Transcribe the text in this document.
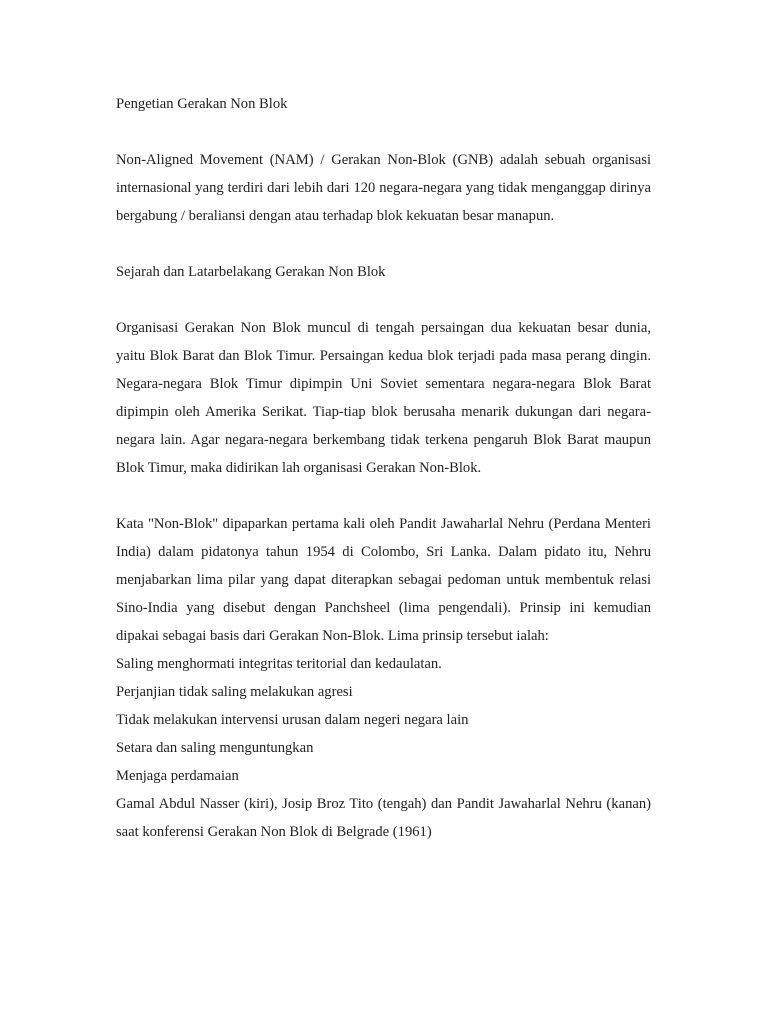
Pengetian Gerakan Non Blok

Non-Aligned Movement (NAM) / Gerakan Non-Blok (GNB) adalah sebuah organisasi internasional yang terdiri dari lebih dari 120 negara-negara yang tidak menganggap dirinya bergabung / beraliansi dengan atau terhadap blok kekuatan besar manapun.

Sejarah dan Latarbelakang Gerakan Non Blok

Organisasi Gerakan Non Blok muncul di tengah persaingan dua kekuatan besar dunia, yaitu Blok Barat dan Blok Timur. Persaingan kedua blok terjadi pada masa perang dingin. Negara-negara Blok Timur dipimpin Uni Soviet sementara negara-negara Blok Barat dipimpin oleh Amerika Serikat. Tiap-tiap blok berusaha menarik dukungan dari negara-negara lain. Agar negara-negara berkembang tidak terkena pengaruh Blok Barat maupun Blok Timur, maka didirikan lah organisasi Gerakan Non-Blok.

Kata "Non-Blok" dipaparkan pertama kali oleh Pandit Jawaharlal Nehru (Perdana Menteri India) dalam pidatonya tahun 1954 di Colombo, Sri Lanka. Dalam pidato itu, Nehru menjabarkan lima pilar yang dapat diterapkan sebagai pedoman untuk membentuk relasi Sino-India yang disebut dengan Panchsheel (lima pengendali). Prinsip ini kemudian dipakai sebagai basis dari Gerakan Non-Blok. Lima prinsip tersebut ialah:

Saling menghormati integritas teritorial dan kedaulatan.
Perjanjian tidak saling melakukan agresi
Tidak melakukan intervensi urusan dalam negeri negara lain
Setara dan saling menguntungkan
Menjaga perdamaian

Gamal Abdul Nasser (kiri), Josip Broz Tito (tengah) dan Pandit Jawaharlal Nehru (kanan) saat konferensi Gerakan Non Blok di Belgrade (1961)
